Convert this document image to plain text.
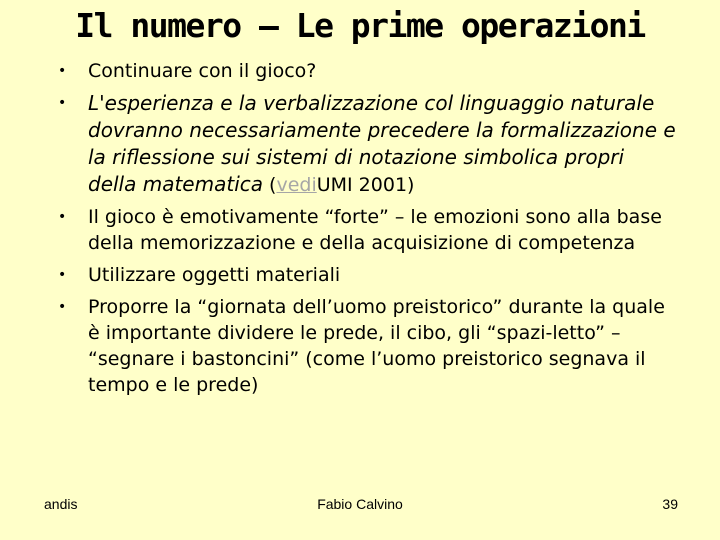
Il numero – Le prime operazioni
• Continuare con il gioco?
• L'esperienza e la verbalizzazione col linguaggio naturale dovranno necessariamente precedere la formalizzazione e la riflessione sui sistemi di notazione simbolica propri della matematica (vediUMI 2001)
• Il gioco è emotivamente “forte” – le emozioni sono alla base della memorizzazione e della acquisizione di competenza
• Utilizzare oggetti materiali
• Proporre la “giornata dell’uomo preistorico” durante la quale è importante dividere le prede, il cibo, gli “spazi-letto” – “segnare i bastoncini” (come l’uomo preistorico segnava il tempo e le prede)
andis	Fabio Calvino	39
